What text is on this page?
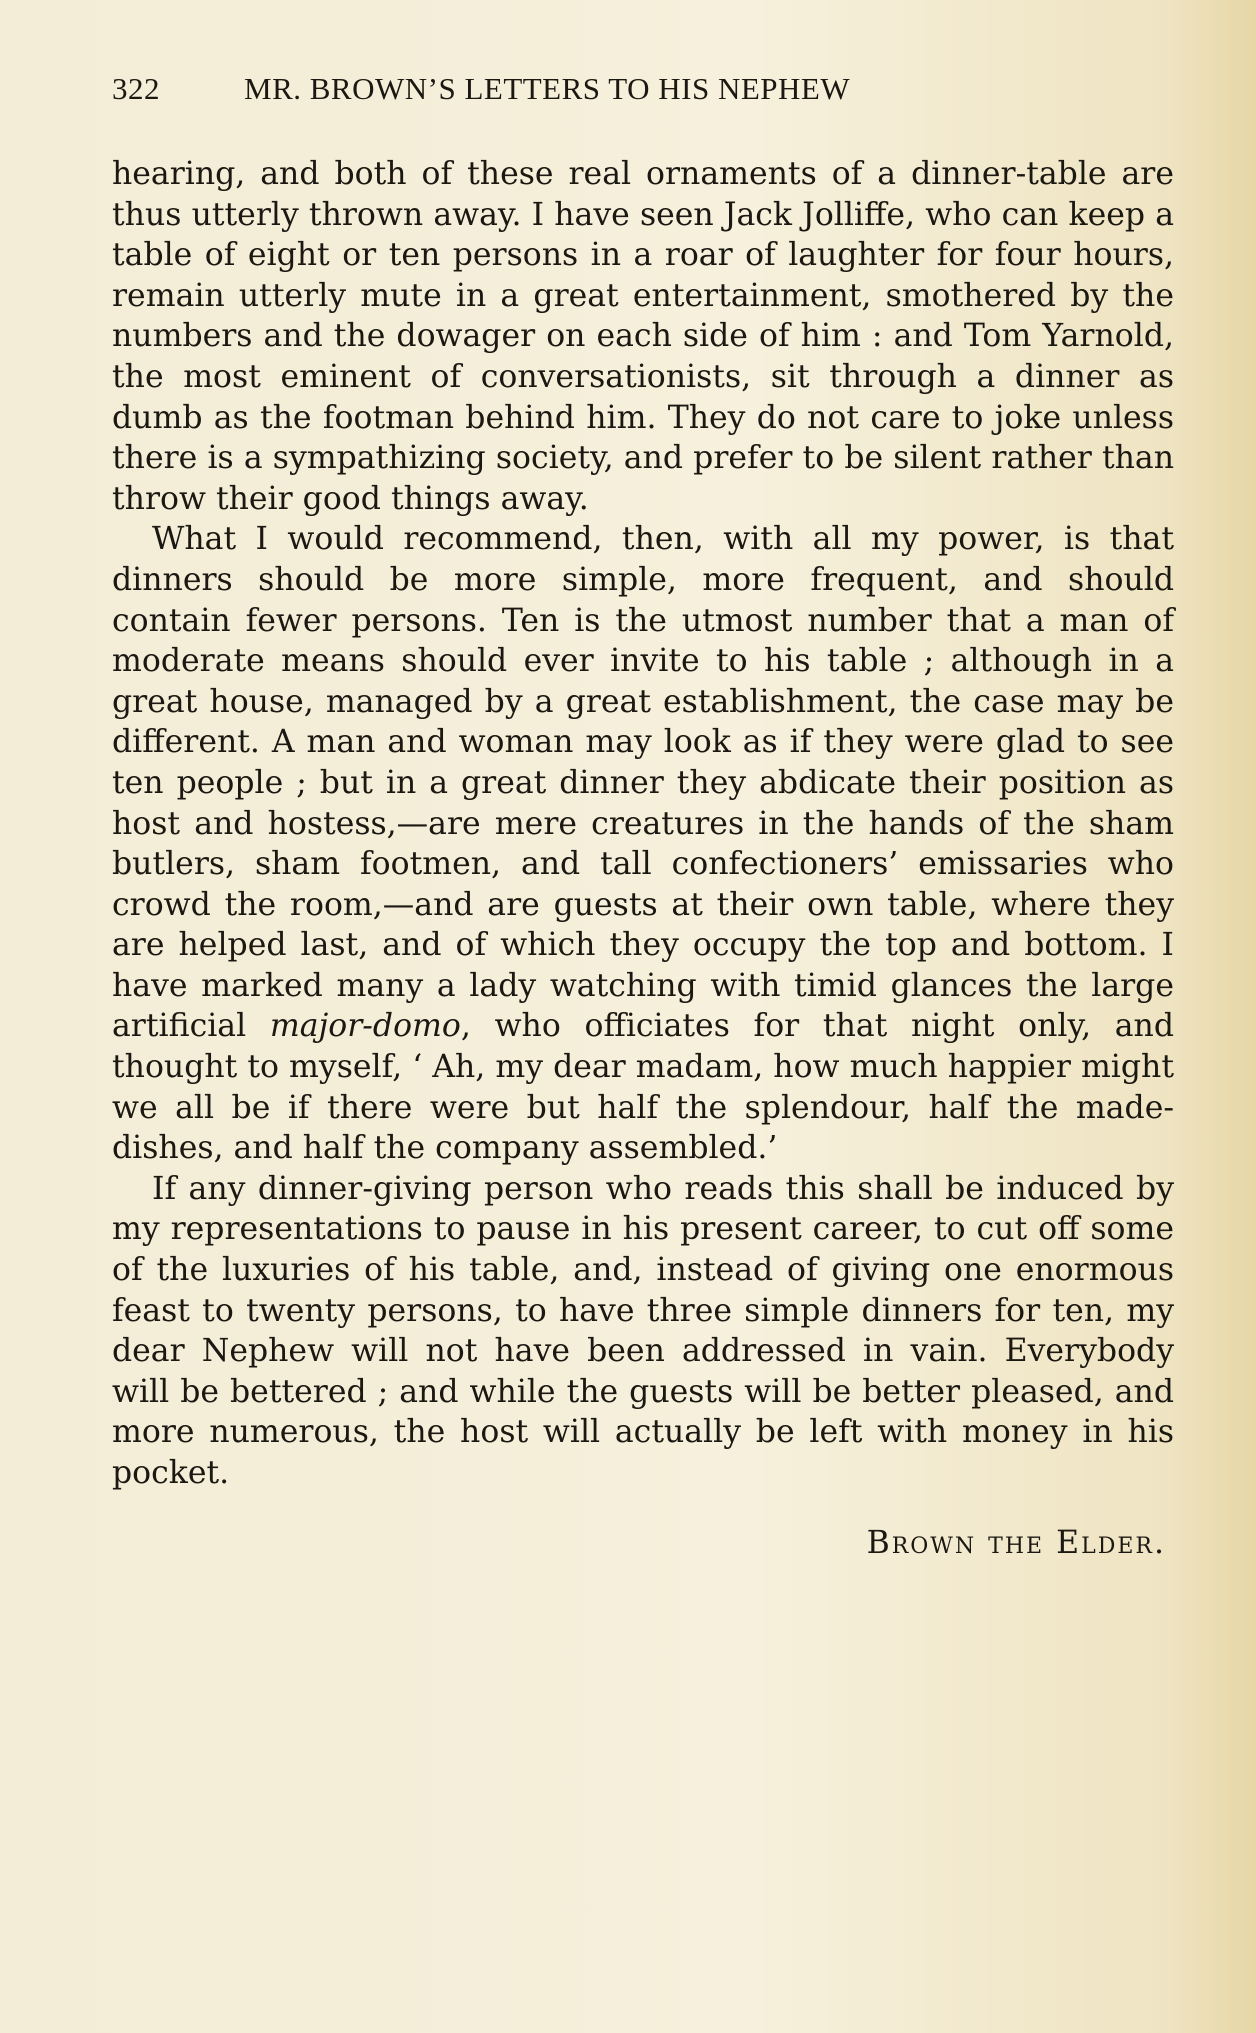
322	MR. BROWN’S LETTERS TO HIS NEPHEW

hearing, and both of these real ornaments of a dinner-table are thus utterly thrown away. I have seen Jack Jolliffe, who can keep a table of eight or ten persons in a roar of laughter for four hours, remain utterly mute in a great entertainment, smothered by the numbers and the dowager on each side of him : and Tom Yarnold, the most eminent of conversationists, sit through a dinner as dumb as the footman behind him. They do not care to joke unless there is a sympathizing society, and prefer to be silent rather than throw their good things away.

What I would recommend, then, with all my power, is that dinners should be more simple, more frequent, and should contain fewer persons. Ten is the utmost number that a man of moderate means should ever invite to his table ; although in a great house, managed by a great establishment, the case may be different. A man and woman may look as if they were glad to see ten people ; but in a great dinner they abdicate their position as host and hostess,—are mere creatures in the hands of the sham butlers, sham footmen, and tall confectioners’ emissaries who crowd the room,—and are guests at their own table, where they are helped last, and of which they occupy the top and bottom. I have marked many a lady watching with timid glances the large artificial major-domo, who officiates for that night only, and thought to myself, ‘ Ah, my dear madam, how much happier might we all be if there were but half the splendour, half the made-dishes, and half the company assembled.’

If any dinner-giving person who reads this shall be induced by my representations to pause in his present career, to cut off some of the luxuries of his table, and, instead of giving one enormous feast to twenty persons, to have three simple dinners for ten, my dear Nephew will not have been addressed in vain. Everybody will be bettered ; and while the guests will be better pleased, and more numerous, the host will actually be left with money in his pocket.

Brown the Elder.
